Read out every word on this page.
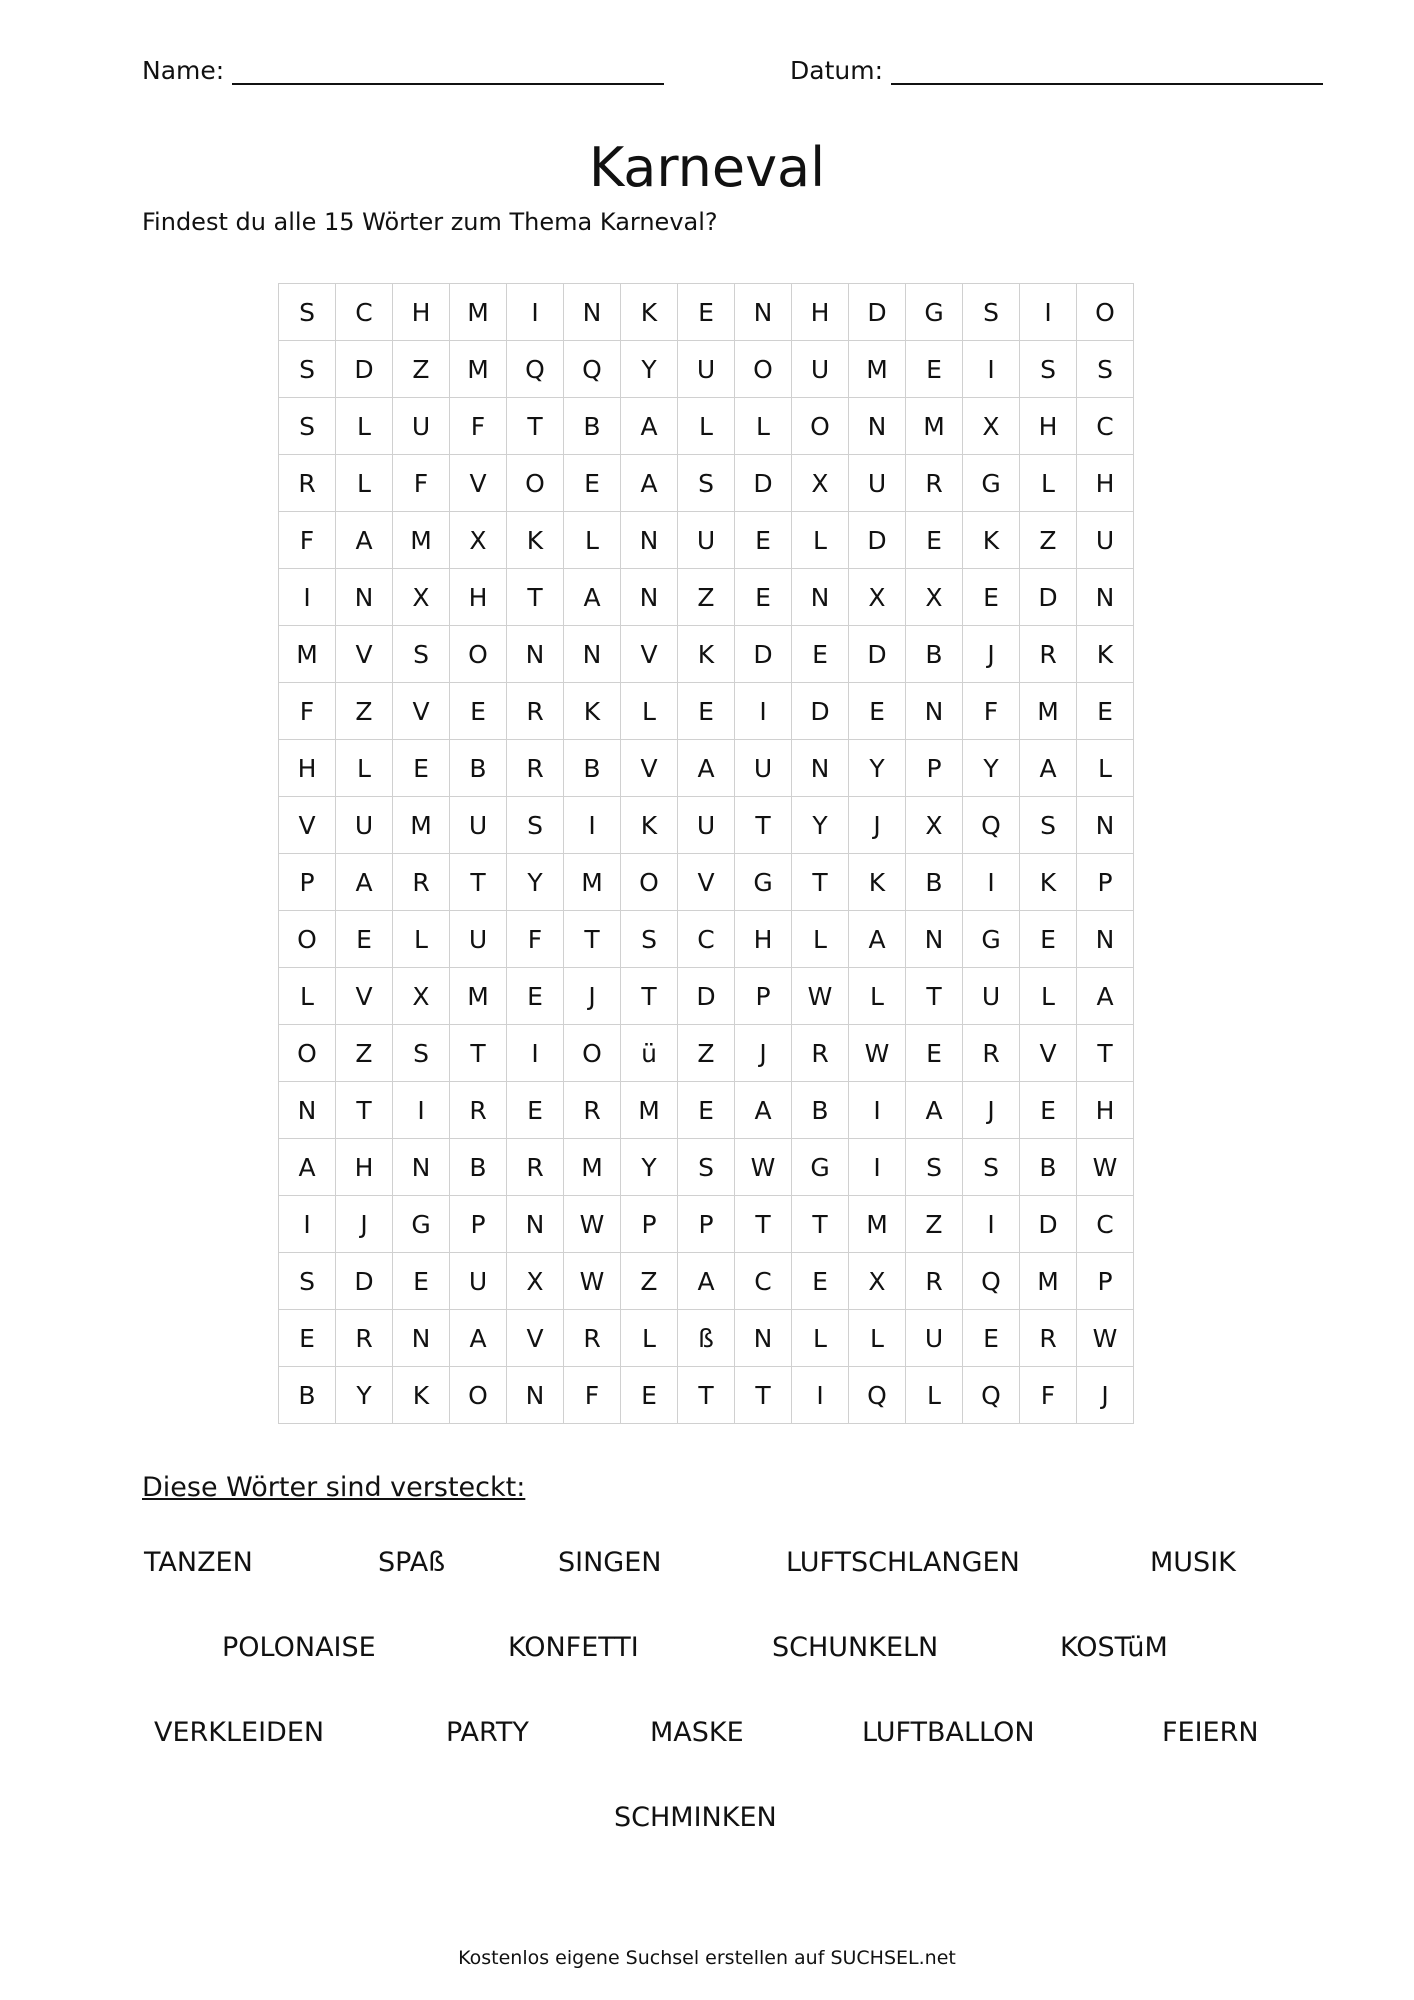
Name:	Datum:
Karneval
Findest du alle 15 Wörter zum Thema Karneval?
S	C	H	M	I	N	K	E	N	H	D	G	S	I	O
S	D	Z	M	Q	Q	Y	U	O	U	M	E	I	S	S
S	L	U	F	T	B	A	L	L	O	N	M	X	H	C
R	L	F	V	O	E	A	S	D	X	U	R	G	L	H
F	A	M	X	K	L	N	U	E	L	D	E	K	Z	U
I	N	X	H	T	A	N	Z	E	N	X	X	E	D	N
M	V	S	O	N	N	V	K	D	E	D	B	J	R	K
F	Z	V	E	R	K	L	E	I	D	E	N	F	M	E
H	L	E	B	R	B	V	A	U	N	Y	P	Y	A	L
V	U	M	U	S	I	K	U	T	Y	J	X	Q	S	N
P	A	R	T	Y	M	O	V	G	T	K	B	I	K	P
O	E	L	U	F	T	S	C	H	L	A	N	G	E	N
L	V	X	M	E	J	T	D	P	W	L	T	U	L	A
O	Z	S	T	I	O	ü	Z	J	R	W	E	R	V	T
N	T	I	R	E	R	M	E	A	B	I	A	J	E	H
A	H	N	B	R	M	Y	S	W	G	I	S	S	B	W
I	J	G	P	N	W	P	P	T	T	M	Z	I	D	C
S	D	E	U	X	W	Z	A	C	E	X	R	Q	M	P
E	R	N	A	V	R	L	ß	N	L	L	U	E	R	W
B	Y	K	O	N	F	E	T	T	I	Q	L	Q	F	J
Diese Wörter sind versteckt:
TANZEN	SPAß	SINGEN	LUFTSCHLANGEN	MUSIK
POLONAISE	KONFETTI	SCHUNKELN	KOSTüM
VERKLEIDEN	PARTY	MASKE	LUFTBALLON	FEIERN
SCHMINKEN
Kostenlos eigene Suchsel erstellen auf SUCHSEL.net
